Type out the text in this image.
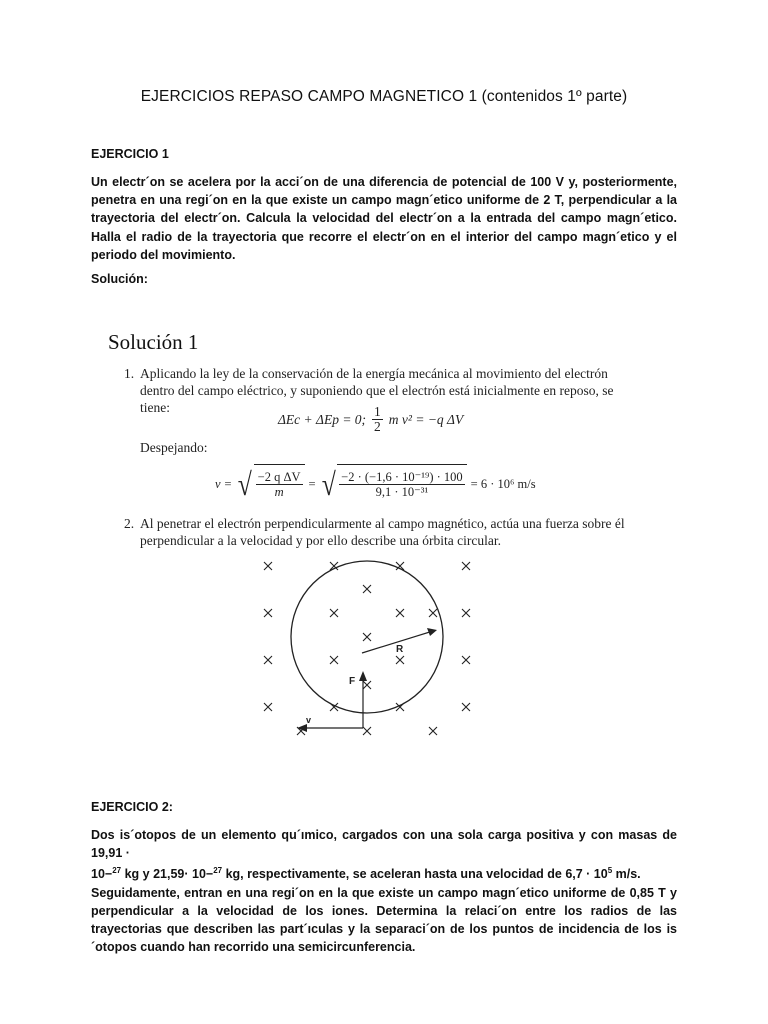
EJERCICIOS REPASO CAMPO MAGNETICO 1 (contenidos 1º parte)
EJERCICIO 1
Un electr´on se acelera por la acci´on de una diferencia de potencial de 100 V y, posteriormente, penetra en una regi´on en la que existe un campo magn´etico uniforme de 2 T, perpendicular a la trayectoria del electr´on. Calcula la velocidad del electr´on a la entrada del campo magn´etico. Halla el radio de la trayectoria que recorre el electr´on en el interior del campo magn´etico y el periodo del movimiento.
Solución:
Solución 1
1. Aplicando la ley de la conservación de la energía mecánica al movimiento del electrón dentro del campo eléctrico, y suponiendo que el electrón está inicialmente en reposo, se tiene:
ΔEc + ΔEp = 0; $\frac{1}{2}$ m v² = −q ΔV
Despejando:
v = √ $\frac{\text{−2 q ΔV}}{m}$ = √ $\frac{\text{−2 · (−1,6 · 10⁻¹⁹) · 100}}{\text{9,1 · 10⁻³¹}} = 6 \cdot 10^6$ m/s
2. Al penetrar el electrón perpendicularmente al campo magnético, actúa una fuerza sobre él perpendicular a la velocidad y por ello describe una órbita circular.
R
F
v
EJERCICIO 2:
Dos is´otopos de un elemento qu´ımico, cargados con una sola carga positiva y con masas de 19,91 ·
10−$^{27}$ kg y 21,59· 10−$^{27}$ kg, respectivamente, se aceleran hasta una velocidad de $6,7 \cdot 10^5$ m/s.
Seguidamente, entran en una regi´on en la que existe un campo magn´etico uniforme de 0,85 T y perpendicular a la velocidad de los iones. Determina la relaci´on entre los radios de las trayectorias que describen las part´ıculas y la separaci´on de los puntos de incidencia de los is´otopos cuando han recorrido una semicircunferencia.
